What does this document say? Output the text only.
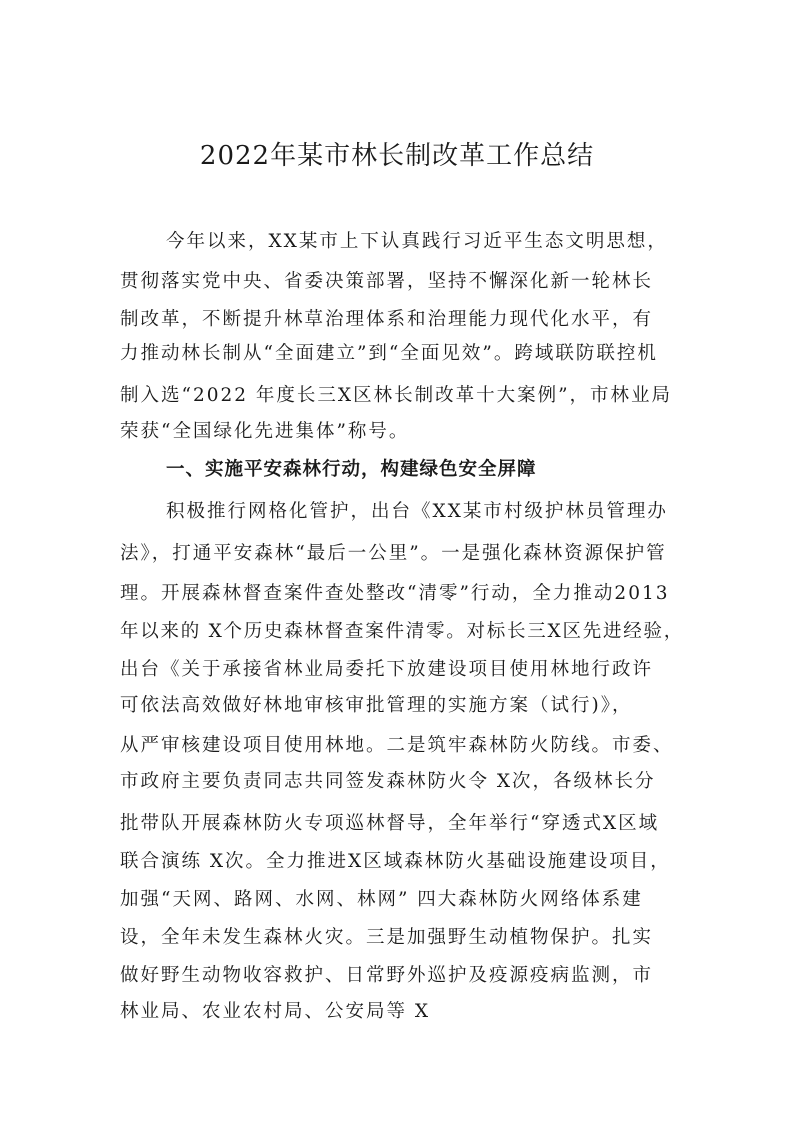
2022年某市林长制改革工作总结

今年以来，XX某市上下认真践行习近平生态文明思想，

贯彻落实党中央、省委决策部署，坚持不懈深化新一轮林长

制改革，不断提升林草治理体系和治理能力现代化水平，有

力推动林长制从“全面建立”到“全面见效”。跨域联防联控机

制入选“2022 年度长三X区林长制改革十大案例”，市林业局

荣获“全国绿化先进集体”称号。

一、实施平安森林行动，构建绿色安全屏障

积极推行网格化管护，出台《XX某市村级护林员管理办

法》，打通平安森林“最后一公里”。一是强化森林资源保护管

理。开展森林督查案件查处整改“清零”行动，全力推动2013

年以来的 X个历史森林督查案件清零。对标长三X区先进经验，

出台《关于承接省林业局委托下放建设项目使用林地行政许

可依法高效做好林地审核审批管理的实施方案（试行)》，

从严审核建设项目使用林地。二是筑牢森林防火防线。市委、

市政府主要负责同志共同签发森林防火令 X次，各级林长分

批带队开展森林防火专项巡林督导，全年举行“穿透式X区域

联合演练 X次。全力推进X区域森林防火基础设施建设项目，

加强“天网、路网、水网、林网” 四大森林防火网络体系建

设，全年未发生森林火灾。三是加强野生动植物保护。扎实

做好野生动物收容救护、日常野外巡护及疫源疫病监测，市

林业局、农业农村局、公安局等 X
